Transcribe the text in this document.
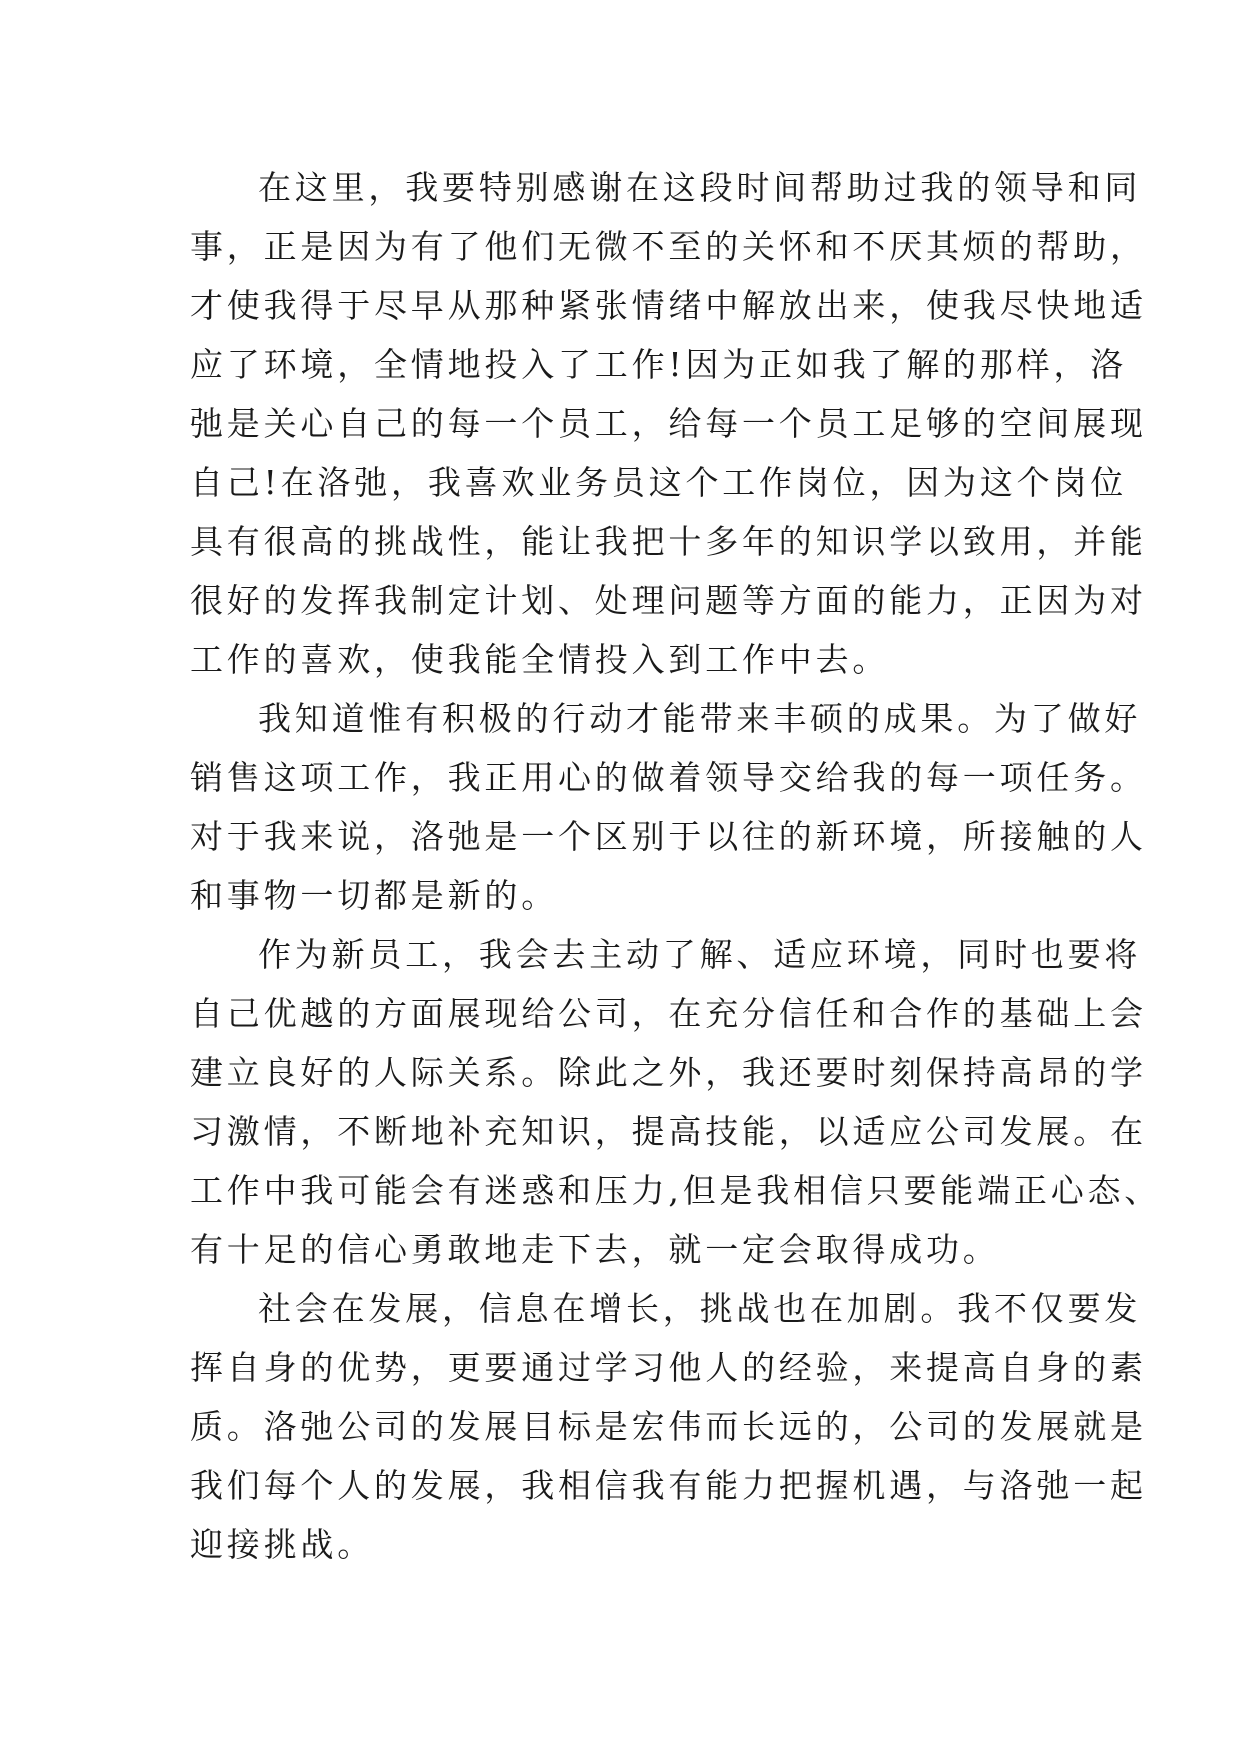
在这里，我要特别感谢在这段时间帮助过我的领导和同
事，正是因为有了他们无微不至的关怀和不厌其烦的帮助，
才使我得于尽早从那种紧张情绪中解放出来，使我尽快地适
应了环境，全情地投入了工作!因为正如我了解的那样，洛
弛是关心自己的每一个员工，给每一个员工足够的空间展现
自己!在洛弛，我喜欢业务员这个工作岗位，因为这个岗位
具有很高的挑战性，能让我把十多年的知识学以致用，并能
很好的发挥我制定计划、处理问题等方面的能力，正因为对
工作的喜欢，使我能全情投入到工作中去。
我知道惟有积极的行动才能带来丰硕的成果。为了做好
销售这项工作，我正用心的做着领导交给我的每一项任务。
对于我来说，洛弛是一个区别于以往的新环境，所接触的人
和事物一切都是新的。
作为新员工，我会去主动了解、适应环境，同时也要将
自己优越的方面展现给公司，在充分信任和合作的基础上会
建立良好的人际关系。除此之外，我还要时刻保持高昂的学
习激情，不断地补充知识，提高技能，以适应公司发展。在
工作中我可能会有迷惑和压力,但是我相信只要能端正心态、
有十足的信心勇敢地走下去，就一定会取得成功。
社会在发展，信息在增长，挑战也在加剧。我不仅要发
挥自身的优势，更要通过学习他人的经验，来提高自身的素
质。洛弛公司的发展目标是宏伟而长远的，公司的发展就是
我们每个人的发展，我相信我有能力把握机遇，与洛弛一起
迎接挑战。
